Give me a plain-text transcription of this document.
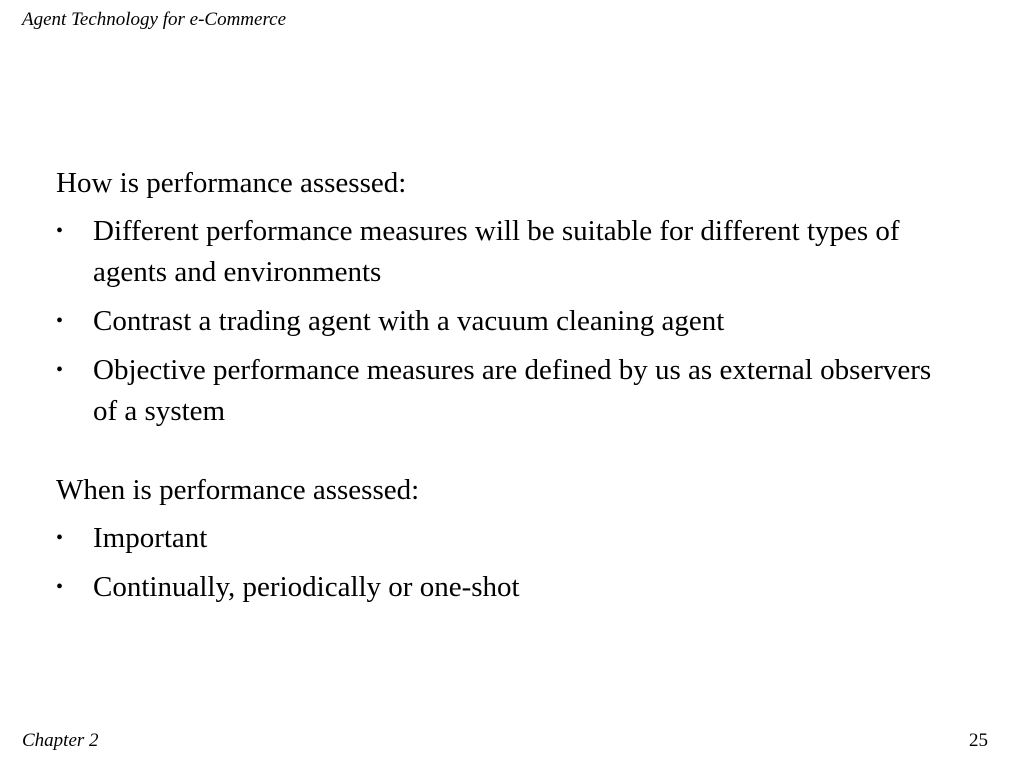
Agent Technology for e-Commerce

How is performance assessed:

• Different performance measures will be suitable for different types of agents and environments
• Contrast a trading agent with a vacuum cleaning agent
• Objective performance measures are defined by us as external observers of a system

When is performance assessed:

• Important
• Continually, periodically or one-shot
Chapter 2	25
